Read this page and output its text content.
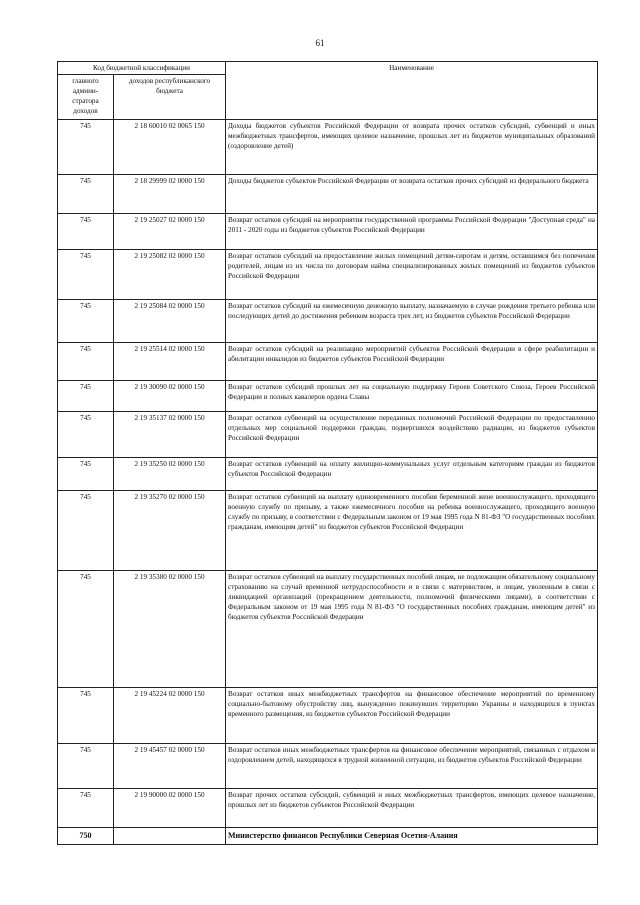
61
Код бюджетной классификации		Наименование
главного админи-стратора доходов	доходов республиканского бюджета	
745	2 18 60010 02 0065 150	Доходы бюджетов субъектов Российской Федерации от возврата прочих остатков субсидий, субвенций и иных межбюджетных трансфертов, имеющих целевое назначение, прошлых лет из бюджетов муниципальных образований (оздоровление детей)
745	2 18 29999 02 0000 150	Доходы бюджетов субъектов Российской Федерации от возврата остатков прочих субсидий из федерального бюджета
745	2 19 25027 02 0000 150	Возврат остатков субсидий на мероприятия государственной программы Российской Федерации "Доступная среда" на 2011 - 2020 годы из бюджетов субъектов Российской Федерации
745	2 19 25082 02 0000 150	Возврат остатков субсидий на предоставление жилых помещений детям-сиротам и детям, оставшимся без попечения родителей, лицам из их числа по договорам найма специализированных жилых помещений из бюджетов субъектов Российской Федерации
745	2 19 25084 02 0000 150	Возврат остатков субсидий на ежемесячную денежную выплату, назначаемую в случае рождения третьего ребенка или последующих детей до достижения ребенком возраста трех лет, из бюджетов субъектов Российской Федерации
745	2 19 25514 02 0000 150	Возврат остатков субсидий на реализацию мероприятий субъектов Российской Федерации в сфере реабилитации и абилитации инвалидов из бюджетов субъектов Российской Федерации
745	2 19 30090 02 0000 150	Возврат остатков субсидий прошлых лет на социальную поддержку Героев Советского Союза, Героев Российской Федерации и полных кавалеров ордена Славы
745	2 19 35137 02 0000 150	Возврат остатков субвенций на осуществление переданных полномочий Российской Федерации по предоставлению отдельных мер социальной поддержки граждан, подвергшихся воздействию радиации, из бюджетов субъектов Российской Федерации
745	2 19 35250 02 0000 150	Возврат остатков субвенций на оплату жилищно-коммунальных услуг отдельным категориям граждан из бюджетов субъектов Российской Федерации
745	2 19 35270 02 0000 150	Возврат остатков субвенций на выплату единовременного пособия беременной жене военнослужащего, проходящего военную службу по призыву, а также ежемесячного пособия на ребенка военнослужащего, проходящего военную службу по призыву, в соответствии с Федеральным законом от 19 мая 1995 года N 81-ФЗ "О государственных пособиях гражданам, имеющим детей" из бюджетов субъектов Российской Федерации
745	2 19 35380 02 0000 150	Возврат остатков субвенций на выплату государственных пособий лицам, не подлежащим обязательному социальному страхованию на случай временной нетрудоспособности и в связи с материнством, и лицам, уволенным в связи с ликвидацией организаций (прекращением деятельности, полномочий физическими лицами), в соответствии с Федеральным законом от 19 мая 1995 года N 81-ФЗ "О государственных пособиях гражданам, имеющим детей" из бюджетов субъектов Российской Федерации
745	2 19 45224 02 0000 150	Возврат остатков иных межбюджетных трансфертов на финансовое обеспечение мероприятий по временному социально-бытовому обустройству лиц, вынужденно покинувших территорию Украины и находящихся в пунктах временного размещения, из бюджетов субъектов Российской Федерации
745	2 19 45457 02 0000 150	Возврат остатков иных межбюджетных трансфертов на финансовое обеспечение мероприятий, связанных с отдыхом и оздоровлением детей, находящихся в трудной жизненной ситуации, из бюджетов субъектов Российской Федерации
745	2 19 90000 02 0000 150	Возврат прочих остатков субсидий, субвенций и иных межбюджетных трансфертов, имеющих целевое назначение, прошлых лет из бюджетов субъектов Российской Федерации
750		Министерство финансов Республики Северная Осетия-Алания
